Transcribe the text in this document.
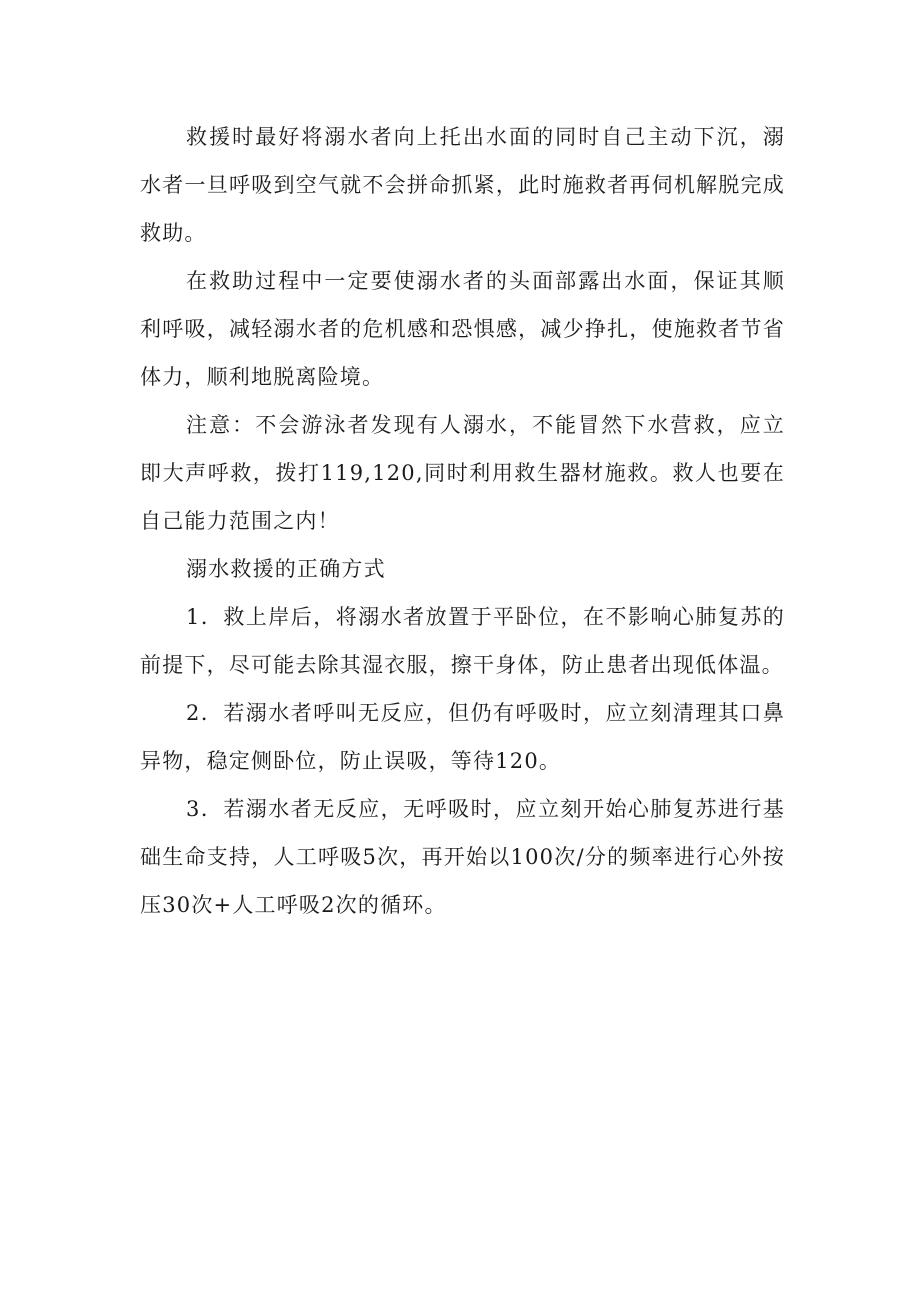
救援时最好将溺水者向上托出水面的同时自己主动下沉，溺水者一旦呼吸到空气就不会拼命抓紧，此时施救者再伺机解脱完成救助。

在救助过程中一定要使溺水者的头面部露出水面，保证其顺利呼吸，减轻溺水者的危机感和恐惧感，减少挣扎，使施救者节省体力，顺利地脱离险境。

注意：不会游泳者发现有人溺水，不能冒然下水营救，应立即大声呼救，拨打119,120,同时利用救生器材施救。救人也要在自己能力范围之内！

溺水救援的正确方式

1．救上岸后，将溺水者放置于平卧位，在不影响心肺复苏的前提下，尽可能去除其湿衣服，擦干身体，防止患者出现低体温。

2．若溺水者呼叫无反应，但仍有呼吸时，应立刻清理其口鼻异物，稳定侧卧位，防止误吸，等待120。

3．若溺水者无反应，无呼吸时，应立刻开始心肺复苏进行基础生命支持，人工呼吸5次，再开始以100次/分的频率进行心外按压30次+人工呼吸2次的循环。
